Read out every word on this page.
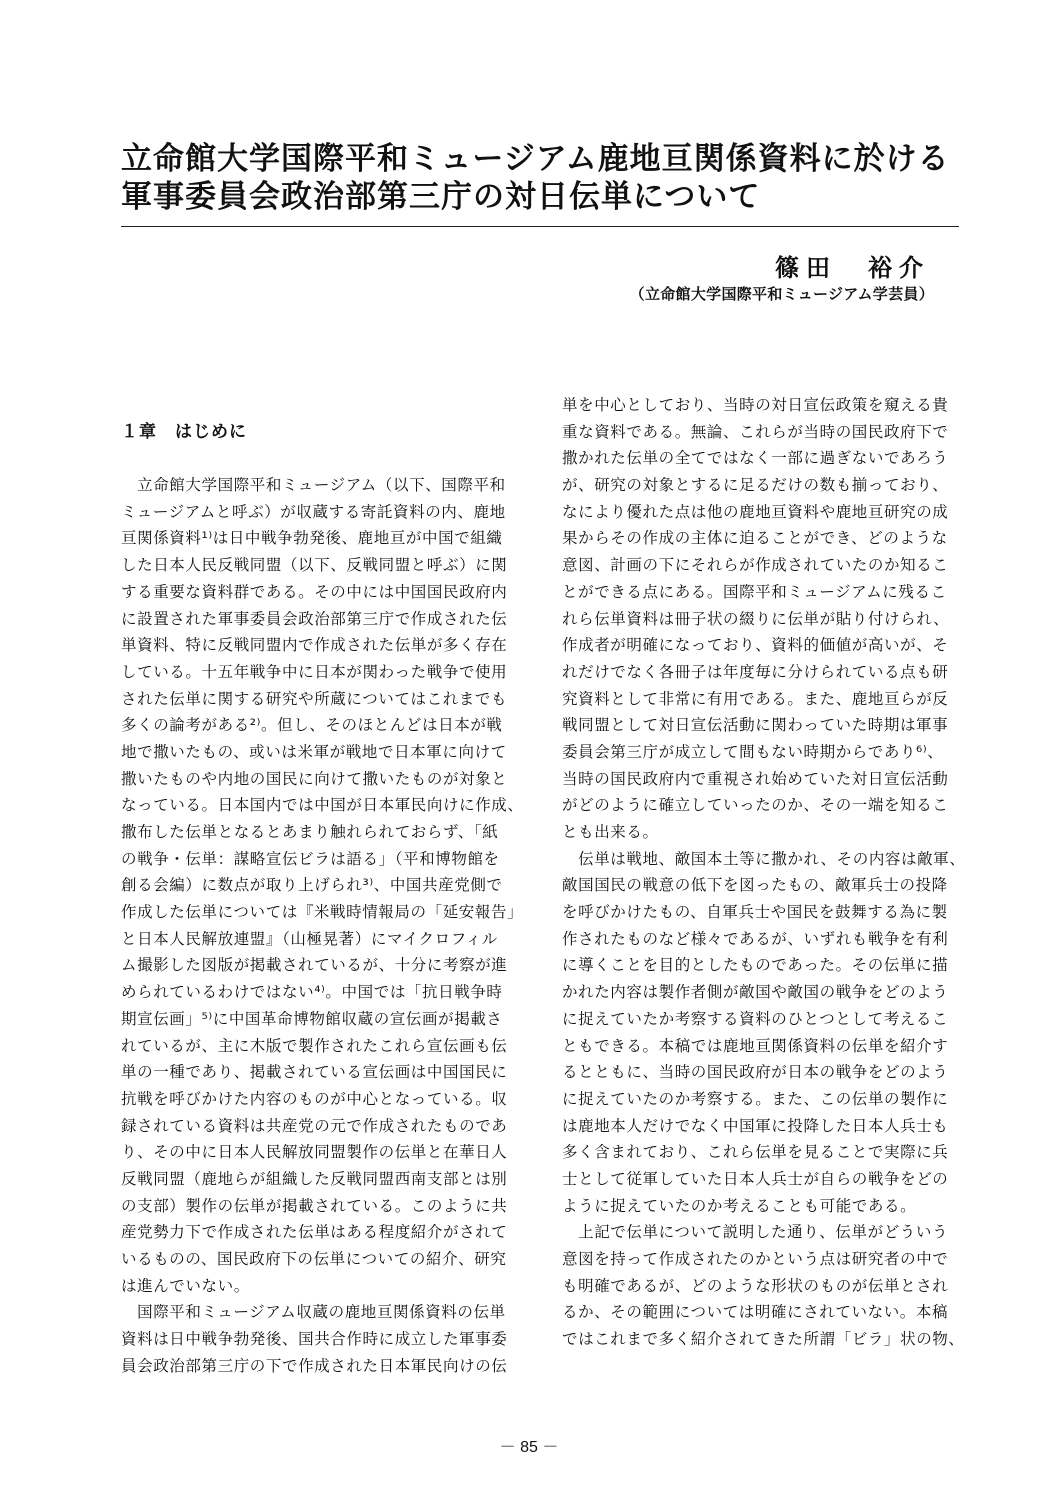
立命館大学国際平和ミュージアム鹿地亘関係資料に於ける
軍事委員会政治部第三庁の対日伝単について
篠田　裕介
（立命館大学国際平和ミュージアム学芸員）
１章　はじめに
　立命館大学国際平和ミュージアム（以下、国際平和
ミュージアムと呼ぶ）が収蔵する寄託資料の内、鹿地
亘関係資料¹⁾は日中戦争勃発後、鹿地亘が中国で組織
した日本人民反戦同盟（以下、反戦同盟と呼ぶ）に関
する重要な資料群である。その中には中国国民政府内
に設置された軍事委員会政治部第三庁で作成された伝
単資料、特に反戦同盟内で作成された伝単が多く存在
している。十五年戦争中に日本が関わった戦争で使用
された伝単に関する研究や所蔵についてはこれまでも
多くの論考がある²⁾。但し、そのほとんどは日本が戦
地で撒いたもの、或いは米軍が戦地で日本軍に向けて
撒いたものや内地の国民に向けて撒いたものが対象と
なっている。日本国内では中国が日本軍民向けに作成、
撒布した伝単となるとあまり触れられておらず、「紙
の戦争・伝単：謀略宣伝ビラは語る」（平和博物館を
創る会編）に数点が取り上げられ³⁾、中国共産党側で
作成した伝単については『米戦時情報局の「延安報告」
と日本人民解放連盟』（山極晃著）にマイクロフィル
ム撮影した図版が掲載されているが、十分に考察が進
められているわけではない⁴⁾。中国では「抗日戦争時
期宣伝画」⁵⁾に中国革命博物館収蔵の宣伝画が掲載さ
れているが、主に木版で製作されたこれら宣伝画も伝
単の一種であり、掲載されている宣伝画は中国国民に
抗戦を呼びかけた内容のものが中心となっている。収
録されている資料は共産党の元で作成されたものであ
り、その中に日本人民解放同盟製作の伝単と在華日人
反戦同盟（鹿地らが組織した反戦同盟西南支部とは別
の支部）製作の伝単が掲載されている。このように共
産党勢力下で作成された伝単はある程度紹介がされて
いるものの、国民政府下の伝単についての紹介、研究
は進んでいない。
　国際平和ミュージアム収蔵の鹿地亘関係資料の伝単
資料は日中戦争勃発後、国共合作時に成立した軍事委
員会政治部第三庁の下で作成された日本軍民向けの伝
単を中心としており、当時の対日宣伝政策を窺える貴
重な資料である。無論、これらが当時の国民政府下で
撒かれた伝単の全てではなく一部に過ぎないであろう
が、研究の対象とするに足るだけの数も揃っており、
なにより優れた点は他の鹿地亘資料や鹿地亘研究の成
果からその作成の主体に迫ることができ、どのような
意図、計画の下にそれらが作成されていたのか知るこ
とができる点にある。国際平和ミュージアムに残るこ
れら伝単資料は冊子状の綴りに伝単が貼り付けられ、
作成者が明確になっており、資料的価値が高いが、そ
れだけでなく各冊子は年度毎に分けられている点も研
究資料として非常に有用である。また、鹿地亘らが反
戦同盟として対日宣伝活動に関わっていた時期は軍事
委員会第三庁が成立して間もない時期からであり⁶⁾、
当時の国民政府内で重視され始めていた対日宣伝活動
がどのように確立していったのか、その一端を知るこ
とも出来る。
　伝単は戦地、敵国本土等に撒かれ、その内容は敵軍、
敵国国民の戦意の低下を図ったもの、敵軍兵士の投降
を呼びかけたもの、自軍兵士や国民を鼓舞する為に製
作されたものなど様々であるが、いずれも戦争を有利
に導くことを目的としたものであった。その伝単に描
かれた内容は製作者側が敵国や敵国の戦争をどのよう
に捉えていたか考察する資料のひとつとして考えるこ
ともできる。本稿では鹿地亘関係資料の伝単を紹介す
るとともに、当時の国民政府が日本の戦争をどのよう
に捉えていたのか考察する。また、この伝単の製作に
は鹿地本人だけでなく中国軍に投降した日本人兵士も
多く含まれており、これら伝単を見ることで実際に兵
士として従軍していた日本人兵士が自らの戦争をどの
ように捉えていたのか考えることも可能である。
　上記で伝単について説明した通り、伝単がどういう
意図を持って作成されたのかという点は研究者の中で
も明確であるが、どのような形状のものが伝単とされ
るか、その範囲については明確にされていない。本稿
ではこれまで多く紹介されてきた所謂「ビラ」状の物、
－ 85 －
